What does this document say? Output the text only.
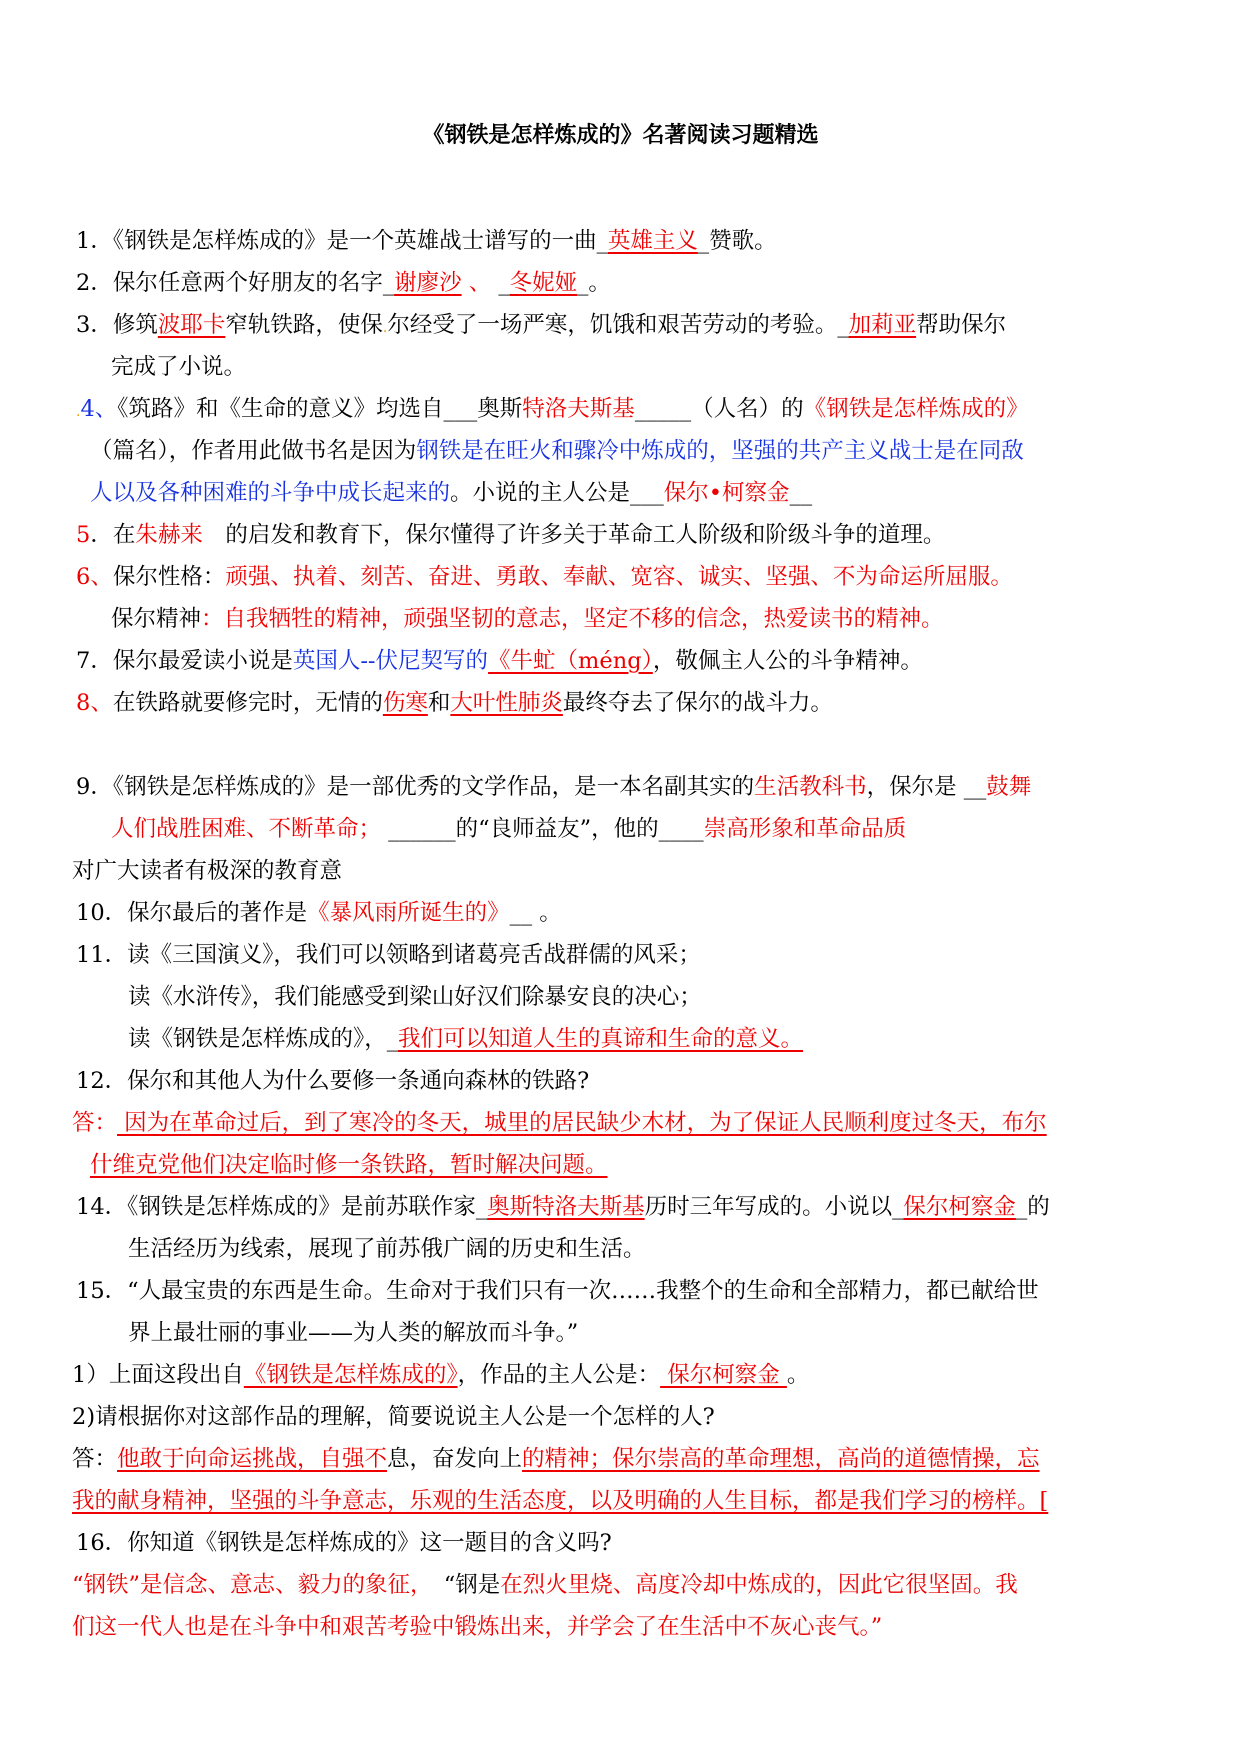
《钢铁是怎样炼成的》名著阅读习题精选
1．《钢铁是怎样炼成的》是一个英雄战士谱写的一曲_英雄主义_赞歌。
2．保尔任意两个好朋友的名字_谢廖沙 、 _冬妮娅_。
3．修筑波耶卡窄轨铁路，使保.尔经受了一场严寒，饥饿和艰苦劳动的考验。_加莉亚帮助保尔
完成了小说。
.4、《筑路》和《生命的意义》均选自___奥斯特洛夫斯基_____（人名）的《钢铁是怎样炼成的》
（篇名），作者用此做书名是因为钢铁是在旺火和骤冷中炼成的，坚强的共产主义战士是在同敌
人以及各种困难的斗争中成长起来的。小说的主人公是___保尔•柯察金__
5．在朱赫来　的启发和教育下，保尔懂得了许多关于革命工人阶级和阶级斗争的道理。
6、保尔性格：顽强、执着、刻苦、奋进、勇敢、奉献、宽容、诚实、坚强、不为命运所屈服。
保尔精神：自我牺牲的精神，顽强坚韧的意志，坚定不移的信念，热爱读书的精神。
7．保尔最爱读小说是英国人--伏尼契写的《牛虻（méng），敬佩主人公的斗争精神。
8、在铁路就要修完时，无情的伤寒和大叶性肺炎最终夺去了保尔的战斗力。
9．《钢铁是怎样炼成的》是一部优秀的文学作品，是一本名副其实的生活教科书，保尔是 __鼓舞
人们战胜困难、不断革命； ______的“良师益友”，他的____崇高形象和革命品质
对广大读者有极深的教育意
10．保尔最后的著作是《暴风雨所诞生的》__ 。
11．读《三国演义》，我们可以领略到诸葛亮舌战群儒的风采；
读《水浒传》，我们能感受到梁山好汉们除暴安良的决心；
读《钢铁是怎样炼成的》，_我们可以知道人生的真谛和生命的意义。
12．保尔和其他人为什么要修一条通向森林的铁路?
答： 因为在革命过后，到了寒冷的冬天，城里的居民缺少木材，为了保证人民顺利度过冬天，布尔
什维克党他们决定临时修一条铁路，暂时解决问题。
14．《钢铁是怎样炼成的》是前苏联作家_奥斯特洛夫斯基历时三年写成的。小说以_保尔柯察金_的
生活经历为线索，展现了前苏俄广阔的历史和生活。
15．“人最宝贵的东西是生命。生命对于我们只有一次……我整个的生命和全部精力，都已献给世
界上最壮丽的事业——为人类的解放而斗争。”
1）上面这段出自《钢铁是怎样炼成的》，作品的主人公是： 保尔柯察金 。
2)请根据你对这部作品的理解，简要说说主人公是一个怎样的人?
答：他敢于向命运挑战，自强不息，奋发向上的精神；保尔崇高的革命理想，高尚的道德情操，忘
我的献身精神，坚强的斗争意志，乐观的生活态度，以及明确的人生目标，都是我们学习的榜样。[
16．你知道《钢铁是怎样炼成的》这一题目的含义吗?
“钢铁”是信念、意志、毅力的象征，　“钢是在烈火里烧、高度冷却中炼成的，因此它很坚固。我
们这一代人也是在斗争中和艰苦考验中锻炼出来，并学会了在生活中不灰心丧气。”
